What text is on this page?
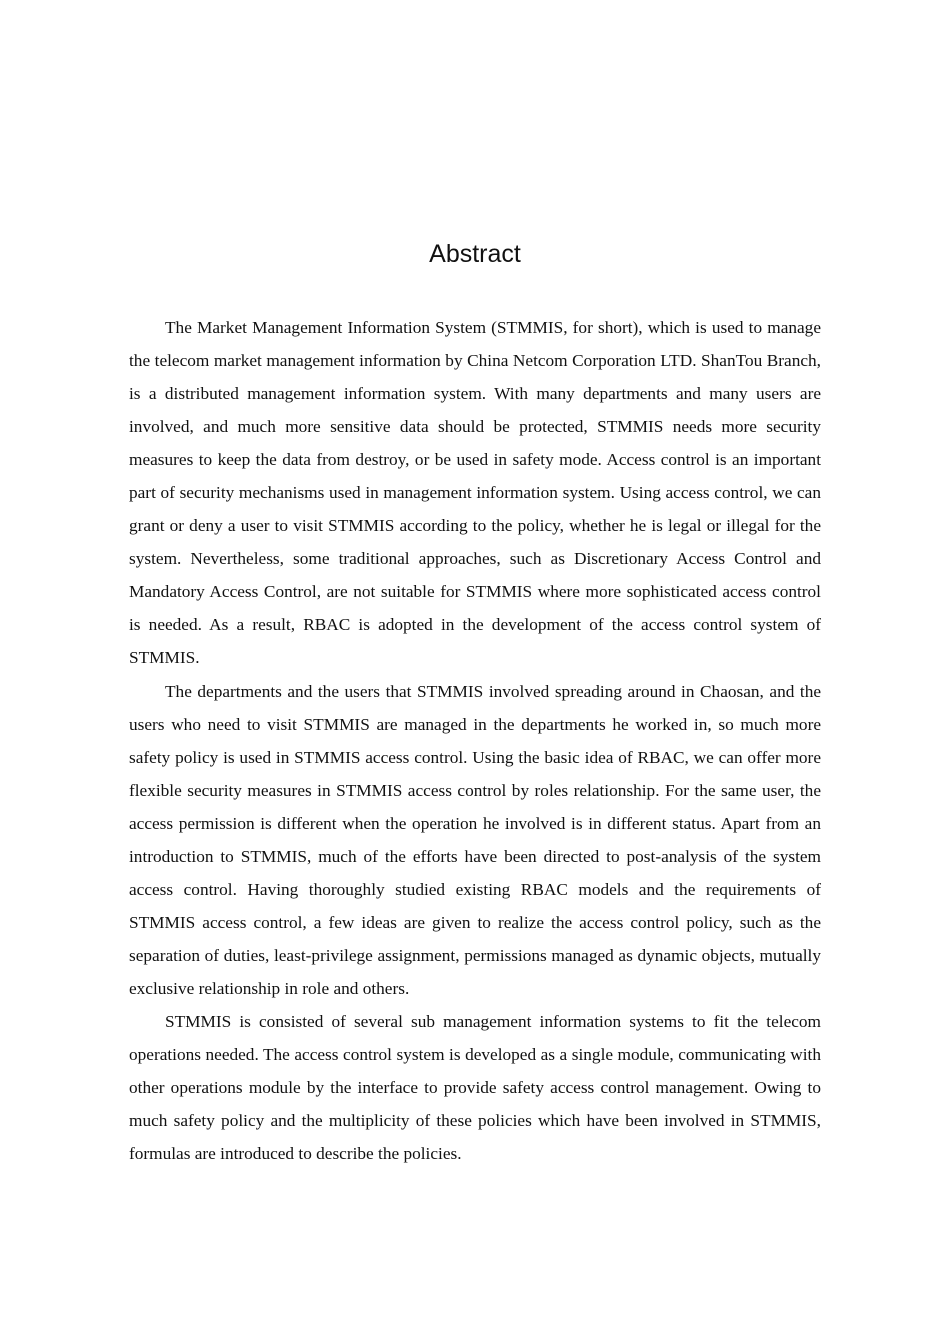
Abstract

The Market Management Information System (STMMIS, for short), which is used to manage the telecom market management information by China Netcom Corporation LTD. ShanTou Branch, is a distributed management information system. With many departments and many users are involved, and much more sensitive data should be protected, STMMIS needs more security measures to keep the data from destroy, or be used in safety mode. Access control is an important part of security mechanisms used in management information system. Using access control, we can grant or deny a user to visit STMMIS according to the policy, whether he is legal or illegal for the system. Nevertheless, some traditional approaches, such as Discretionary Access Control and Mandatory Access Control, are not suitable for STMMIS where more sophisticated access control is needed. As a result, RBAC is adopted in the development of the access control system of STMMIS.

The departments and the users that STMMIS involved spreading around in Chaosan, and the users who need to visit STMMIS are managed in the departments he worked in, so much more safety policy is used in STMMIS access control. Using the basic idea of RBAC, we can offer more flexible security measures in STMMIS access control by roles relationship. For the same user, the access permission is different when the operation he involved is in different status. Apart from an introduction to STMMIS, much of the efforts have been directed to post-analysis of the system access control. Having thoroughly studied existing RBAC models and the requirements of STMMIS access control, a few ideas are given to realize the access control policy, such as the separation of duties, least-privilege assignment, permissions managed as dynamic objects, mutually exclusive relationship in role and others.

STMMIS is consisted of several sub management information systems to fit the telecom operations needed. The access control system is developed as a single module, communicating with other operations module by the interface to provide safety access control management. Owing to much safety policy and the multiplicity of these policies which have been involved in STMMIS, formulas are introduced to describe the policies.
